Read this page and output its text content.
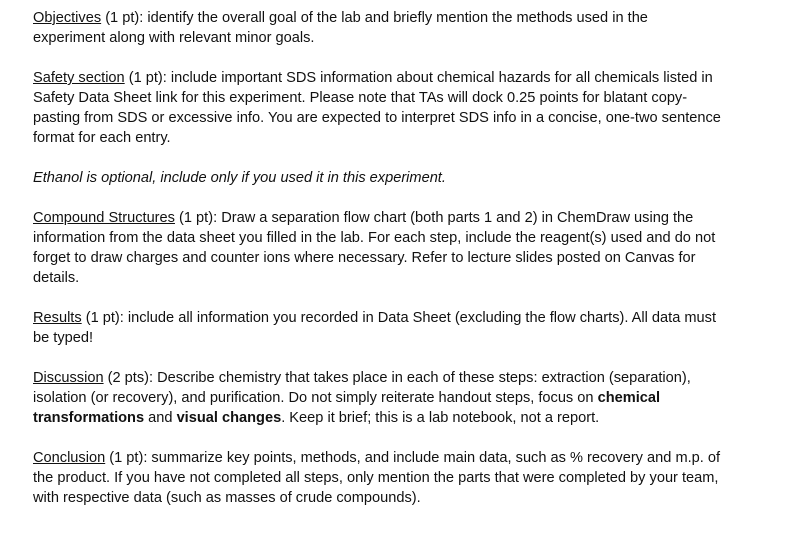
Objectives (1 pt): identify the overall goal of the lab and briefly mention the methods used in the experiment along with relevant minor goals.

Safety section (1 pt): include important SDS information about chemical hazards for all chemicals listed in Safety Data Sheet link for this experiment. Please note that TAs will dock 0.25 points for blatant copy-pasting from SDS or excessive info. You are expected to interpret SDS info in a concise, one-two sentence format for each entry.

Ethanol is optional, include only if you used it in this experiment.

Compound Structures (1 pt): Draw a separation flow chart (both parts 1 and 2) in ChemDraw using the information from the data sheet you filled in the lab. For each step, include the reagent(s) used and do not forget to draw charges and counter ions where necessary. Refer to lecture slides posted on Canvas for details.

Results (1 pt): include all information you recorded in Data Sheet (excluding the flow charts). All data must be typed!

Discussion (2 pts): Describe chemistry that takes place in each of these steps: extraction (separation), isolation (or recovery), and purification. Do not simply reiterate handout steps, focus on chemical transformations and visual changes. Keep it brief; this is a lab notebook, not a report.

Conclusion (1 pt): summarize key points, methods, and include main data, such as % recovery and m.p. of the product. If you have not completed all steps, only mention the parts that were completed by your team, with respective data (such as masses of crude compounds).
